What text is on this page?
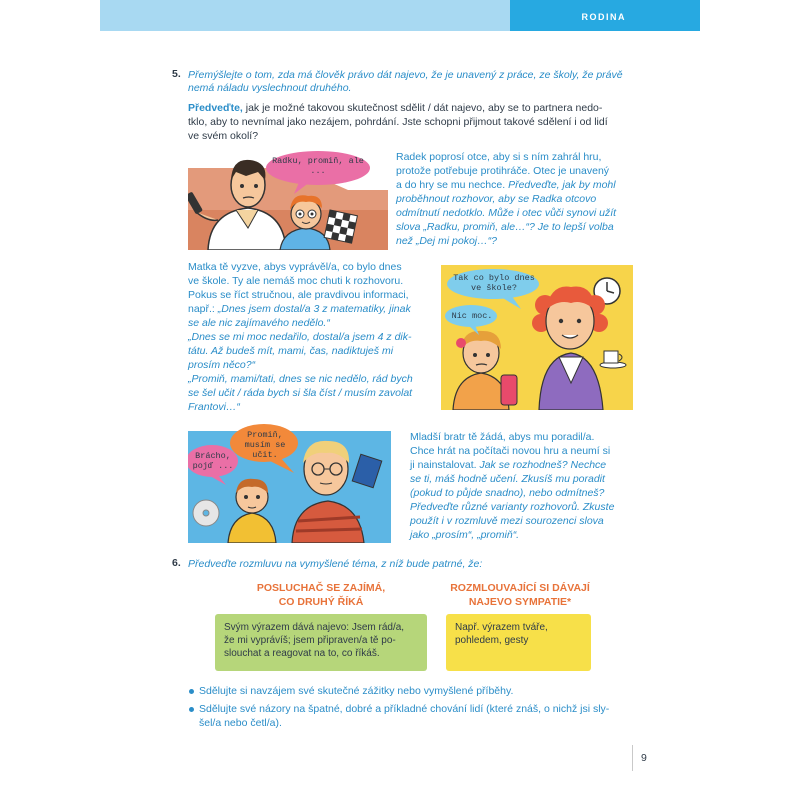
RODINA
5. Přemýšlejte o tom, zda má člověk právo dát najevo, že je unavený z práce, ze školy, že právě
nemá náladu vyslechnout druhého.
Předveďte, jak je možné takovou skutečnost sdělit / dát najevo, aby se to partnera nedo-
tklo, aby to nevnímal jako nezájem, pohrdání. Jste schopni přijmout takové sdělení i od lidí
ve svém okolí?
Radku, promiň, ale ...
Radek poprosí otce, aby si s ním zahrál hru,
protože potřebuje protihráče. Otec je unavený
a do hry se mu nechce. Předveďte, jak by mohl
proběhnout rozhovor, aby se Radka otcovo
odmítnutí nedotklo. Může i otec vůči synovi užít
slova „Radku, promiň, ale…“? Je to lepší volba
než „Dej mi pokoj…“?
Matka tě vyzve, abys vyprávěl/a, co bylo dnes
ve škole. Ty ale nemáš moc chuti k rozhovoru.
Pokus se říct stručnou, ale pravdivou informaci,
např.: „Dnes jsem dostal/a 3 z matematiky, jinak
se ale nic zajímavého nedělo.“
„Dnes se mi moc nedařilo, dostal/a jsem 4 z dik-
tátu. Až budeš mít, mami, čas, nadiktuješ mi
prosím něco?“
„Promiň, mami/tati, dnes se nic nedělo, rád bych
se šel učit / ráda bych si šla číst / musím zavolat
Frantovi…“
Tak co bylo dnes ve škole?
Nic moc.
Promiň, musím se učit.
Brácho, pojď ...
Mladší bratr tě žádá, abys mu poradil/a.
Chce hrát na počítači novou hru a neumí si
ji nainstalovat. Jak se rozhodneš? Nechce
se ti, máš hodně učení. Zkusíš mu poradit
(pokud to půjde snadno), nebo odmítneš?
Předveďte různé varianty rozhovorů. Zkuste
použít i v rozmluvě mezi sourozenci slova
jako „prosím“, „promiň“.
6. Předveďte rozmluvu na vymyšlené téma, z níž bude patrné, že:
POSLUCHAČ SE ZAJÍMÁ,
CO DRUHÝ ŘÍKÁ
ROZMLOUVAJÍCÍ SI DÁVAJÍ
NAJEVO SYMPATIE*
Svým výrazem dává najevo: Jsem rád/a,
že mi vyprávíš; jsem připraven/a tě po-
slouchat a reagovat na to, co říkáš.
Např. výrazem tváře,
pohledem, gesty
Sdělujte si navzájem své skutečné zážitky nebo vymyšlené příběhy.
Sdělujte své názory na špatné, dobré a příkladné chování lidí (které znáš, o nichž jsi sly-
šel/a nebo četl/a).
9
